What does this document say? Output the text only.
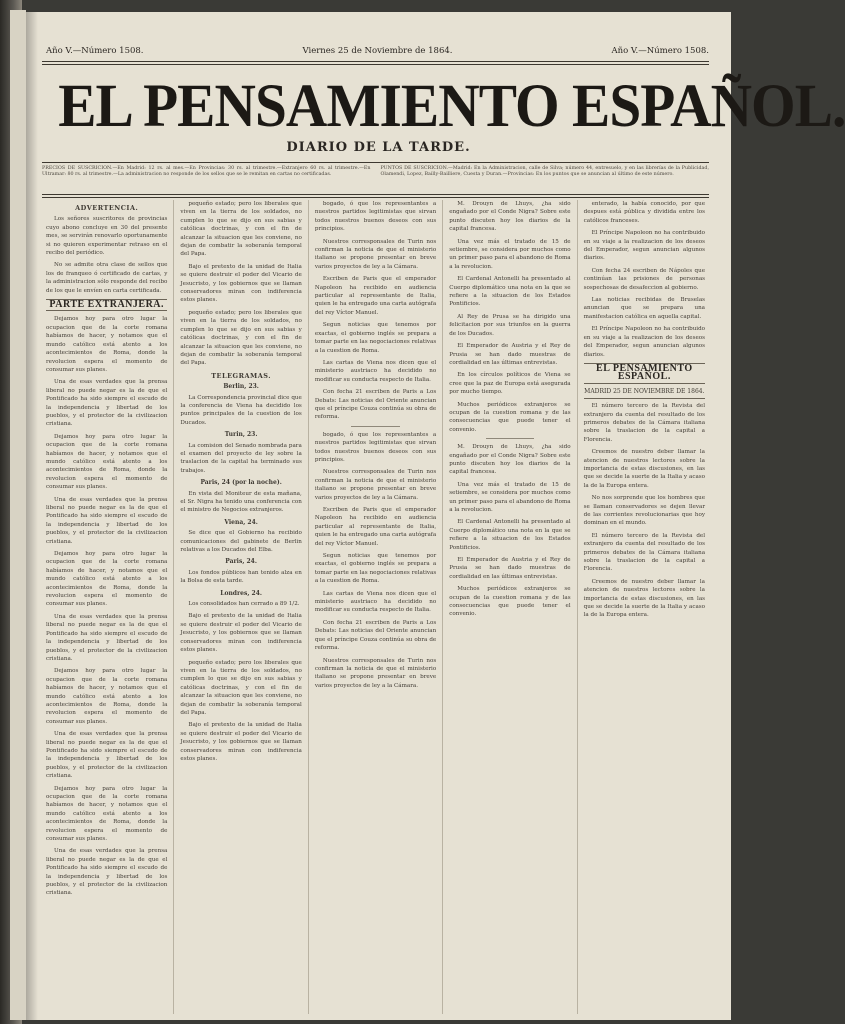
Año V.—Número 1508.	Viernes 25 de Noviembre de 1864.	Año V.—Número 1508.
EL PENSAMIENTO ESPAÑOL.
DIARIO DE LA TARDE.
PRECIOS DE SUSCRICION.—En Madrid: 12 rs. al mes.—En Provincias: 30 rs. al trimestre.—Extranjero 60 rs. al trimestre.—En Ultramar: 80 rs. al trimestre.—La administracion no responde de los sellos que se le remitan en cartas no certificadas.
PUNTOS DE SUSCRICION.—Madrid: En la Administracion, calle de Silva; número 44, entresuelo, y en las librerías de la Publicidad, Olamendi, Lopez, Bailly-Bailliere, Cuesta y Duran.—Provincias: En los puntos que se anuncian al último de este número.
ADVERTENCIA.

Los señores suscritores de provincias cuyo abono concluye en 30 del presente mes, se servirán renovarlo oportunamente si no quieren experimentar retraso en el recibo del periódico.

No se admite otra clase de sellos que los de franqueo ó certificado de cartas, y la administracion sólo responde del recibo de los que le envíen en carta certificada.

PARTE EXTRANJERA.

Dejamos hoy para otro lugar la ocupacion que de la corte romana habíamos de hacer, y notamos que el mundo católico está atento a los acontecimientos de Roma, donde la revolucion espera el momento de consumar sus planes.

Una de esas verdades que la prensa liberal no puede negar es la de que el Pontificado ha sido siempre el escudo de la independencia y libertad de los pueblos, y el protector de la civilizacion cristiana.

Dejamos hoy para otro lugar la ocupacion que de la corte romana habíamos de hacer, y notamos que el mundo católico está atento a los acontecimientos de Roma, donde la revolucion espera el momento de consumar sus planes.

Una de esas verdades que la prensa liberal no puede negar es la de que el Pontificado ha sido siempre el escudo de la independencia y libertad de los pueblos, y el protector de la civilizacion cristiana.

Dejamos hoy para otro lugar la ocupacion que de la corte romana habíamos de hacer, y notamos que el mundo católico está atento a los acontecimientos de Roma, donde la revolucion espera el momento de consumar sus planes.

Una de esas verdades que la prensa liberal no puede negar es la de que el Pontificado ha sido siempre el escudo de la independencia y libertad de los pueblos, y el protector de la civilizacion cristiana.

Dejamos hoy para otro lugar la ocupacion que de la corte romana habíamos de hacer, y notamos que el mundo católico está atento a los acontecimientos de Roma, donde la revolucion espera el momento de consumar sus planes.

Una de esas verdades que la prensa liberal no puede negar es la de que el Pontificado ha sido siempre el escudo de la independencia y libertad de los pueblos, y el protector de la civilizacion cristiana.

Dejamos hoy para otro lugar la ocupacion que de la corte romana habíamos de hacer, y notamos que el mundo católico está atento a los acontecimientos de Roma, donde la revolucion espera el momento de consumar sus planes.

Una de esas verdades que la prensa liberal no puede negar es la de que el Pontificado ha sido siempre el escudo de la independencia y libertad de los pueblos, y el protector de la civilizacion cristiana.

pequeño estado; pero los liberales que viven en la tierra de los soldados, no cumplen lo que se dijo en sus sabias y católicas doctrinas, y con el fin de alcanzar la situacion que les conviene, no dejan de combatir la soberanía temporal del Papa.

Bajo el pretexto de la unidad de Italia se quiere destruir el poder del Vicario de Jesucristo, y los gobiernos que se llaman conservadores miran con indiferencia estos planes.

pequeño estado; pero los liberales que viven en la tierra de los soldados, no cumplen lo que se dijo en sus sabias y católicas doctrinas, y con el fin de alcanzar la situacion que les conviene, no dejan de combatir la soberanía temporal del Papa.

TELEGRAMAS.
Berlin, 23.

La Correspondencia provincial dice que la conferencia de Viena ha decidido los puntos principales de la cuestion de los Ducados.

Turin, 23.

La comision del Senado nombrada para el examen del proyecto de ley sobre la traslacion de la capital ha terminado sus trabajos.

Paris, 24 (por la noche).

En vista del Moniteur de esta mañana, el Sr. Nigra ha tenido una conferencia con el ministro de Negocios extranjeros.

Viena, 24.

Se dice que el Gobierno ha recibido comunicaciones del gabinete de Berlin relativas a los Ducados del Elba.

Paris, 24.

Los fondos públicos han tenido alza en la Bolsa de esta tarde.

Londres, 24.

Los consolidados han cerrado a 89 1/2.

Bajo el pretexto de la unidad de Italia se quiere destruir el poder del Vicario de Jesucristo, y los gobiernos que se llaman conservadores miran con indiferencia estos planes.

pequeño estado; pero los liberales que viven en la tierra de los soldados, no cumplen lo que se dijo en sus sabias y católicas doctrinas, y con el fin de alcanzar la situacion que les conviene, no dejan de combatir la soberanía temporal del Papa.

Bajo el pretexto de la unidad de Italia se quiere destruir el poder del Vicario de Jesucristo, y los gobiernos que se llaman conservadores miran con indiferencia estos planes.

bogado, ó que los representantes a nuestros partidos legitimistas que sirvan todos nuestros buenos deseos con sus principios.

Nuestros corresponsales de Turin nos confirman la noticia de que el ministerio italiano se propone presentar en breve varios proyectos de ley a la Cámara.

Escriben de Paris que el emperador Napoleon ha recibido en audiencia particular al representante de Italia, quien le ha entregado una carta autógrafa del rey Víctor Manuel.

Segun noticias que tenemos por exactas, el gobierno inglés se prepara a tomar parte en las negociaciones relativas a la cuestion de Roma.

Las cartas de Viena nos dicen que el ministerio austriaco ha decidido no modificar su conducta respecto de Italia.

Con fecha 21 escriben de Paris a Los Debats: Las noticias del Oriente anuncian que el príncipe Couza continúa su obra de reforma.

bogado, ó que los representantes a nuestros partidos legitimistas que sirvan todos nuestros buenos deseos con sus principios.

Nuestros corresponsales de Turin nos confirman la noticia de que el ministerio italiano se propone presentar en breve varios proyectos de ley a la Cámara.

Escriben de Paris que el emperador Napoleon ha recibido en audiencia particular al representante de Italia, quien le ha entregado una carta autógrafa del rey Víctor Manuel.

Segun noticias que tenemos por exactas, el gobierno inglés se prepara a tomar parte en las negociaciones relativas a la cuestion de Roma.

Las cartas de Viena nos dicen que el ministerio austriaco ha decidido no modificar su conducta respecto de Italia.

Con fecha 21 escriben de Paris a Los Debats: Las noticias del Oriente anuncian que el príncipe Couza continúa su obra de reforma.

Nuestros corresponsales de Turin nos confirman la noticia de que el ministerio italiano se propone presentar en breve varios proyectos de ley a la Cámara.

M. Drouyn de Lhuys, ¿ha sido engañado por el Conde Nigra? Sobre este punto discuten hoy los diarios de la capital francesa.

Una vez más el tratado de 15 de setiembre, se considera por muchos como un primer paso para el abandono de Roma a la revolucion.

El Cardenal Antonelli ha presentado al Cuerpo diplomático una nota en la que se refiere a la situacion de los Estados Pontificios.

Al Rey de Prusa se ha dirigido una felicitacion por sus triunfos en la guerra de los Ducados.

El Emperador de Austria y el Rey de Prusia se han dado muestras de cordialidad en las últimas entrevistas.

En los círculos políticos de Viena se cree que la paz de Europa está asegurada por mucho tiempo.

Muchos periódicos extranjeros se ocupan de la cuestion romana y de las consecuencias que puede tener el convenio.

M. Drouyn de Lhuys, ¿ha sido engañado por el Conde Nigra? Sobre este punto discuten hoy los diarios de la capital francesa.

Una vez más el tratado de 15 de setiembre, se considera por muchos como un primer paso para el abandono de Roma a la revolucion.

El Cardenal Antonelli ha presentado al Cuerpo diplomático una nota en la que se refiere a la situacion de los Estados Pontificios.

El Emperador de Austria y el Rey de Prusia se han dado muestras de cordialidad en las últimas entrevistas.

Muchos periódicos extranjeros se ocupan de la cuestion romana y de las consecuencias que puede tener el convenio.

enterado, la había conocido, por que despues está pública y dividida entre los católicos franceses.

El Príncipe Napoleon no ha contribuido en su viaje a la realizacion de los deseos del Emperador, segun anuncian algunos diarios.

Con fecha 24 escriben de Nápoles que continúan las prisiones de personas sospechosas de desafeccion al gobierno.

Las noticias recibidas de Bruselas anuncian que se prepara una manifestacion católica en aquella capital.

El Príncipe Napoleon no ha contribuido en su viaje a la realizacion de los deseos del Emperador, segun anuncian algunos diarios.

EL PENSAMIENTO ESPAÑOL.
MADRID 25 DE NOVIEMBRE DE 1864.

El número tercero de la Revista del extranjero da cuenta del resultado de los primeros debates de la Cámara italiana sobre la traslacion de la capital a Florencia.

Creemos de nuestro deber llamar la atencion de nuestros lectores sobre la importancia de estas discusiones, en las que se decide la suerte de la Italia y acaso la de la Europa entera.

No nos sorprende que los hombres que se llaman conservadores se dejen llevar de las corrientes revolucionarias que hoy dominan en el mundo.

El número tercero de la Revista del extranjero da cuenta del resultado de los primeros debates de la Cámara italiana sobre la traslacion de la capital a Florencia.

Creemos de nuestro deber llamar la atencion de nuestros lectores sobre la importancia de estas discusiones, en las que se decide la suerte de la Italia y acaso la de la Europa entera.
